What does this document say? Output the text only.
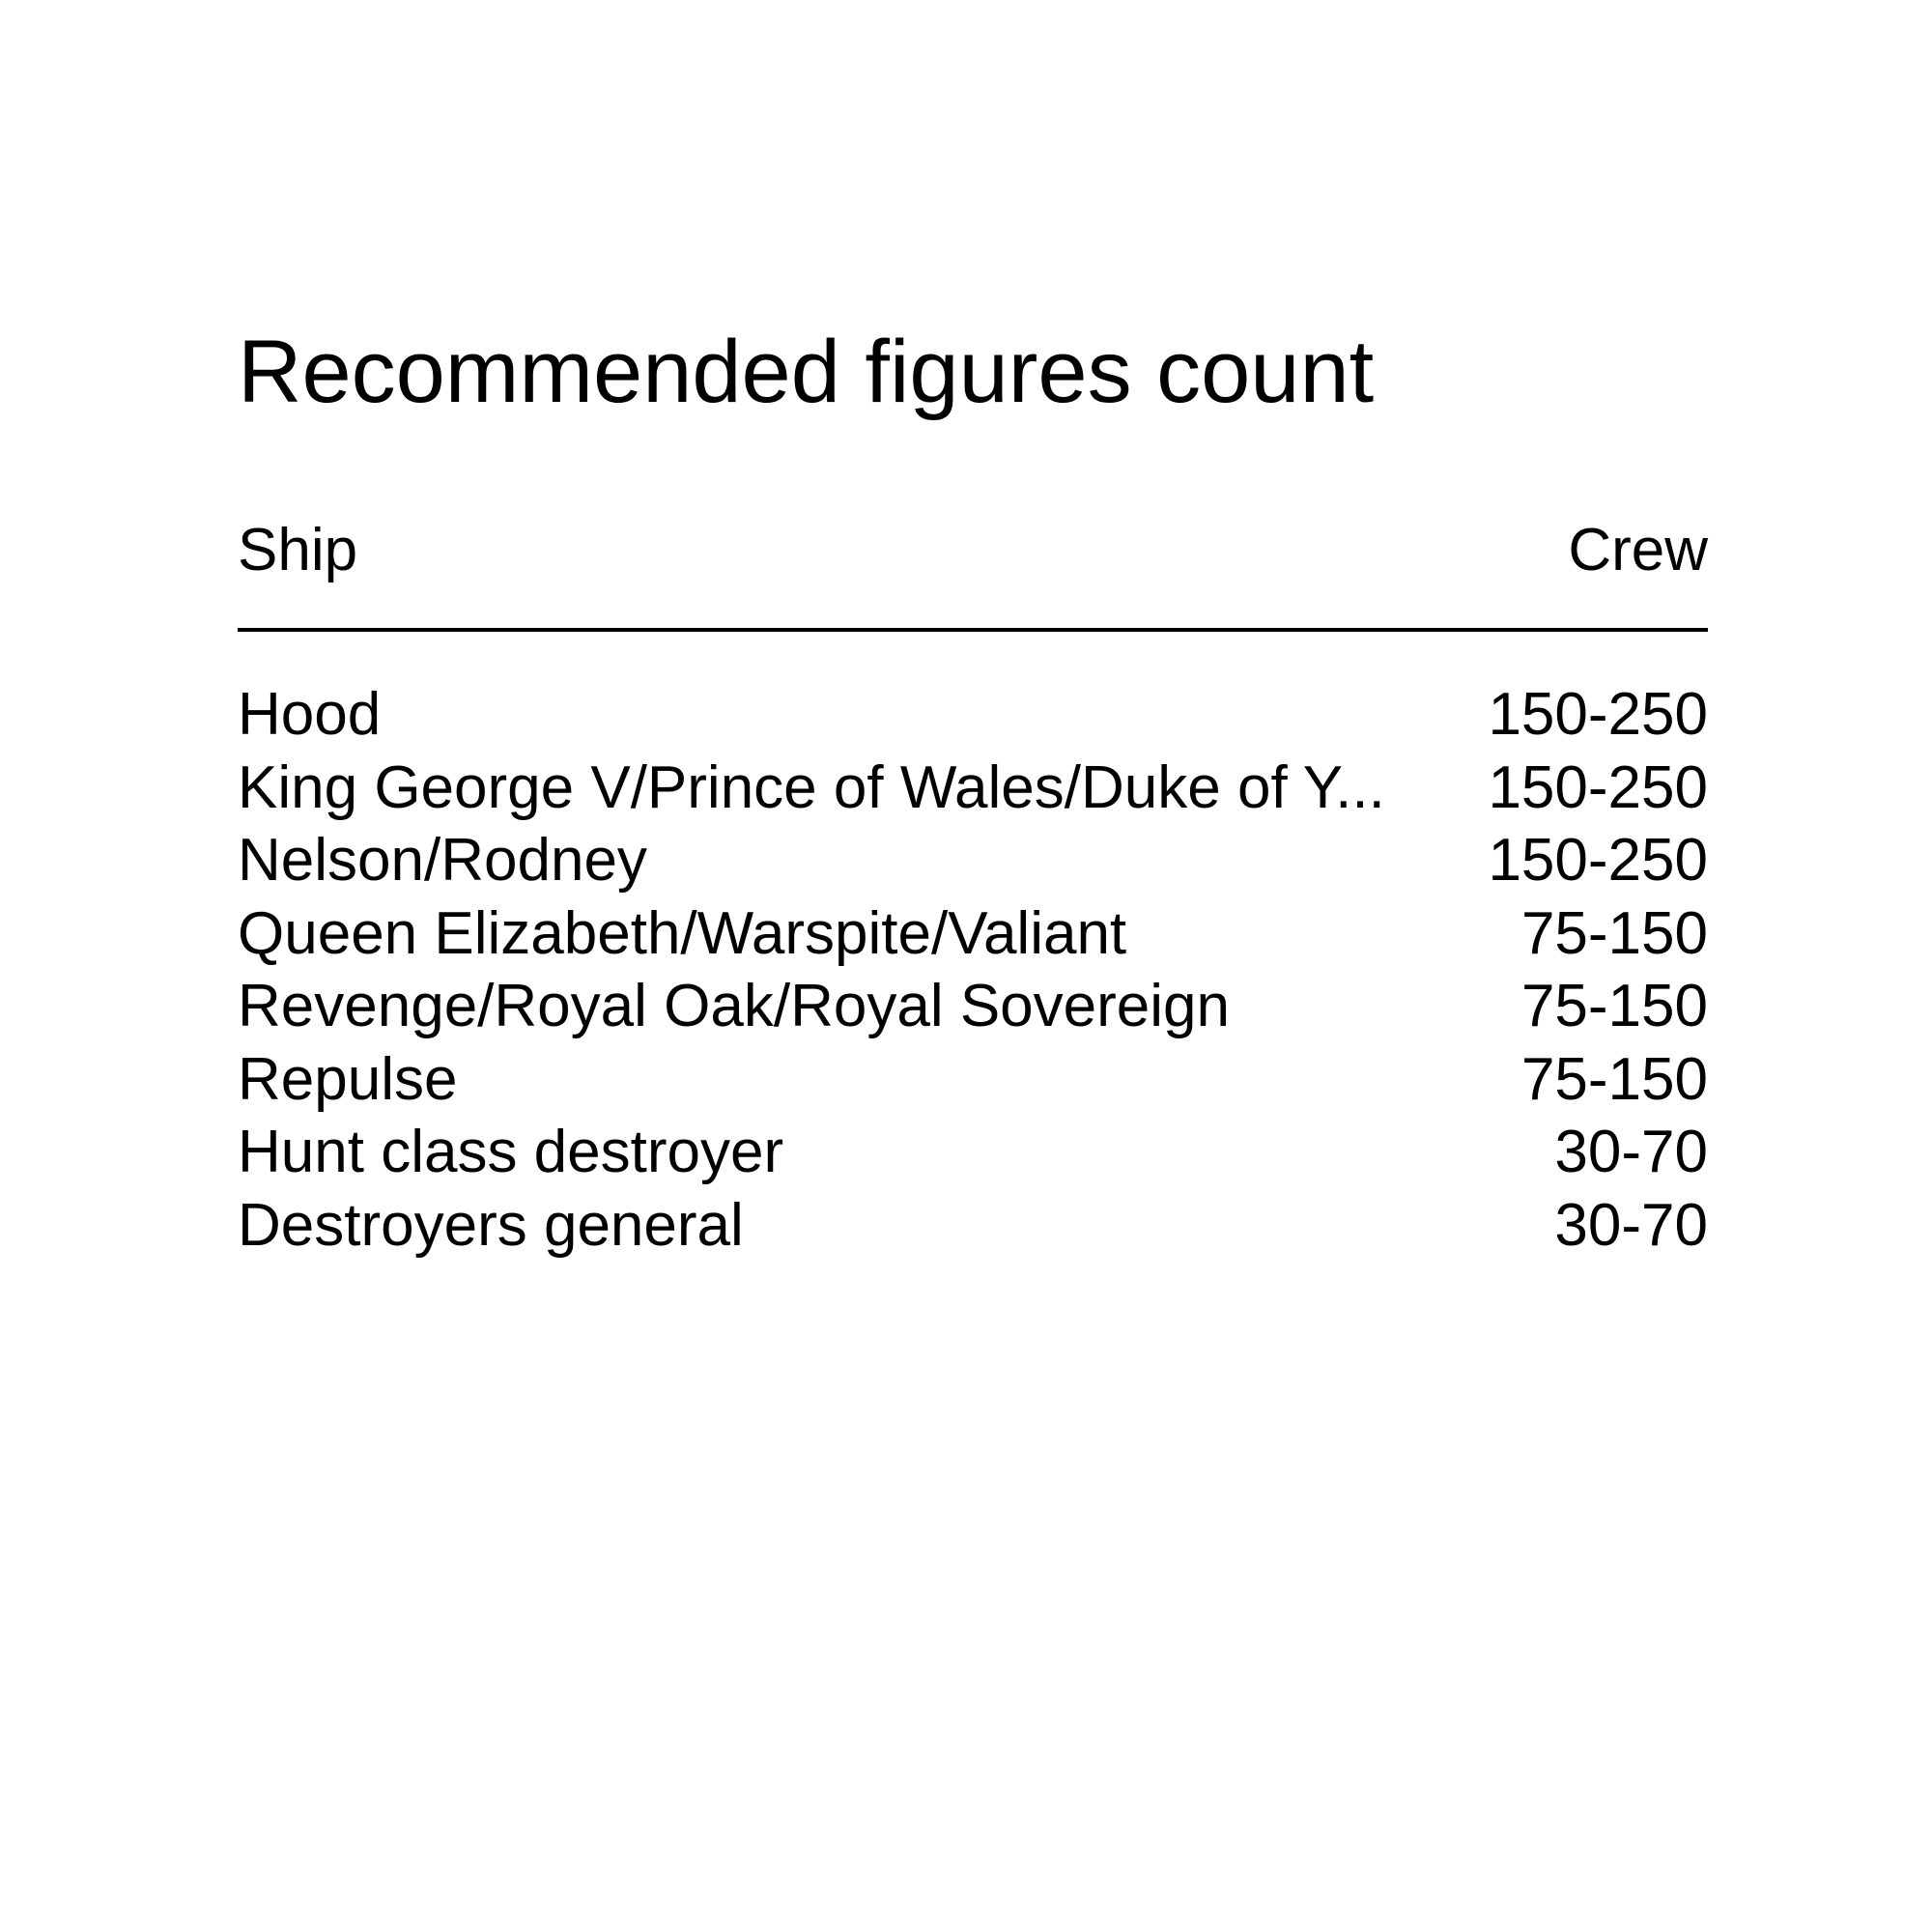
Recommended figures count
Ship	Crew
Hood	150-250
King George V/Prince of Wales/Duke of Y... 150-250
Nelson/Rodney	150-250
Queen Elizabeth/Warspite/Valiant	75-150
Revenge/Royal Oak/Royal Sovereign	75-150
Repulse	75-150
Hunt class destroyer	30-70
Destroyers general	30-70
